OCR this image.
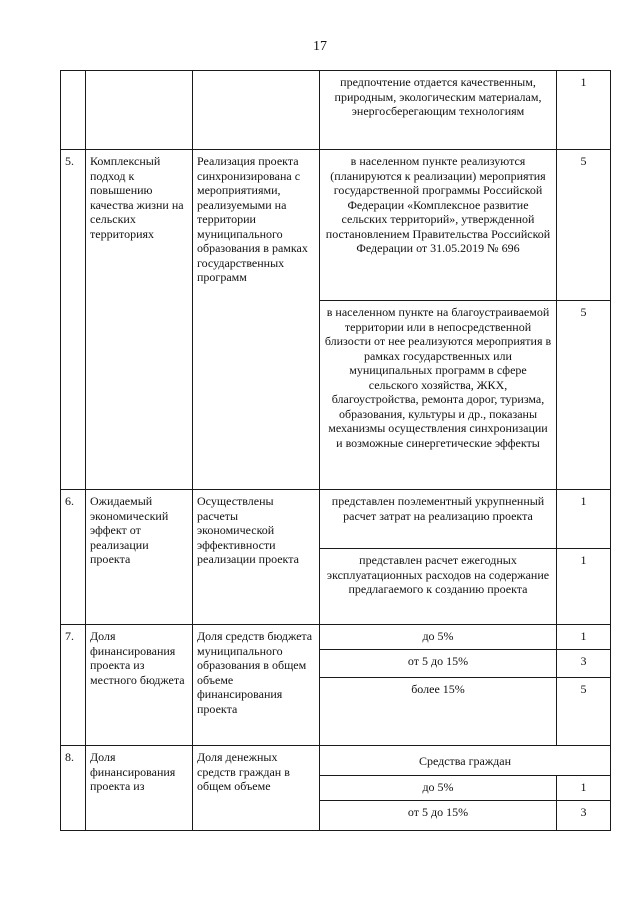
17
			предпочтение отдается качественным, природным, экологическим материалам, энергосберегающим технологиям	1
5.	Комплексный подход к повышению качества жизни на сельских территориях	Реализация проекта синхронизирована с мероприятиями, реализуемыми на территории муниципального образования в рамках государственных программ	в населенном пункте реализуются (планируются к реализации) мероприятия государственной программы Российской Федерации «Комплексное развитие сельских территорий», утвержденной постановлением Правительства Российской Федерации от 31.05.2019 № 696	5
			в населенном пункте на благоустраиваемой территории или в непосредственной близости от нее реализуются мероприятия в рамках государственных или муниципальных программ в сфере сельского хозяйства, ЖКХ, благоустройства, ремонта дорог, туризма, образования, культуры и др., показаны механизмы осуществления синхронизации и возможные синергетические эффекты	5
6.	Ожидаемый экономический эффект от реализации проекта	Осуществлены расчеты экономической эффективности реализации проекта	представлен поэлементный укрупненный расчет затрат на реализацию проекта	1
			представлен расчет ежегодных эксплуатационных расходов на содержание предлагаемого к созданию проекта	1
7.	Доля финансирования проекта из местного бюджета	Доля средств бюджета муниципального образования в общем объеме финансирования проекта	до 5%	1
			от 5 до 15%	3
			более 15%	5
8.	Доля финансирования проекта из	Доля денежных средств граждан в общем объеме	Средства граждан	
			до 5%	1
			от 5 до 15%	3
